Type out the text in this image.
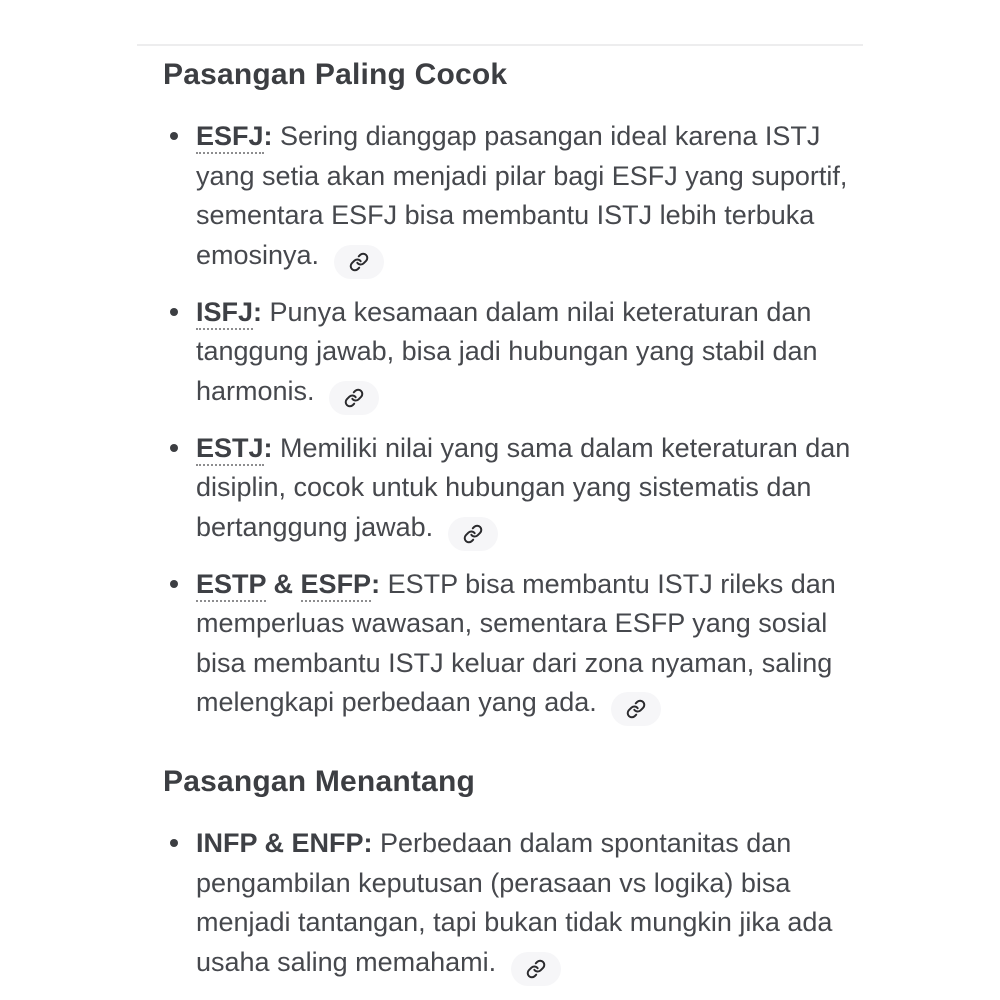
Pasangan Paling Cocok
ESFJ: Sering dianggap pasangan ideal karena ISTJ yang setia akan menjadi pilar bagi ESFJ yang suportif, sementara ESFJ bisa membantu ISTJ lebih terbuka emosinya.
ISFJ: Punya kesamaan dalam nilai keteraturan dan tanggung jawab, bisa jadi hubungan yang stabil dan harmonis.
ESTJ: Memiliki nilai yang sama dalam keteraturan dan disiplin, cocok untuk hubungan yang sistematis dan bertanggung jawab.
ESTP & ESFP: ESTP bisa membantu ISTJ rileks dan memperluas wawasan, sementara ESFP yang sosial bisa membantu ISTJ keluar dari zona nyaman, saling melengkapi perbedaan yang ada.
Pasangan Menantang
INFP & ENFP: Perbedaan dalam spontanitas dan pengambilan keputusan (perasaan vs logika) bisa menjadi tantangan, tapi bukan tidak mungkin jika ada usaha saling memahami.
